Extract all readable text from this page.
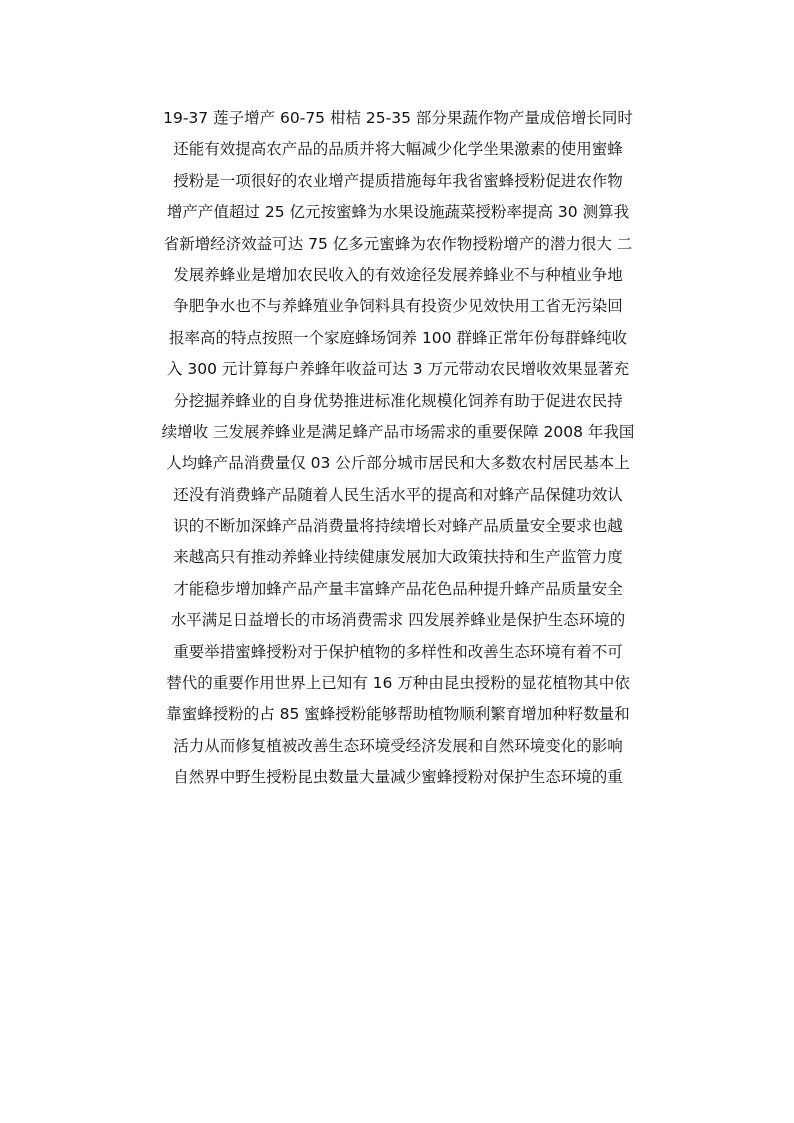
19-37 莲子增产 60-75 柑桔 25-35 部分果蔬作物产量成倍增长同时
还能有效提高农产品的品质并将大幅减少化学坐果激素的使用蜜蜂
授粉是一项很好的农业增产提质措施每年我省蜜蜂授粉促进农作物
增产产值超过 25 亿元按蜜蜂为水果设施蔬菜授粉率提高 30 测算我
省新增经济效益可达 75 亿多元蜜蜂为农作物授粉增产的潜力很大 二
发展养蜂业是增加农民收入的有效途径发展养蜂业不与种植业争地
争肥争水也不与养蜂殖业争饲料具有投资少见效快用工省无污染回
报率高的特点按照一个家庭蜂场饲养 100 群蜂正常年份每群蜂纯收
入 300 元计算每户养蜂年收益可达 3 万元带动农民增收效果显著充
分挖掘养蜂业的自身优势推进标准化规模化饲养有助于促进农民持
续增收 三发展养蜂业是满足蜂产品市场需求的重要保障 2008 年我国
人均蜂产品消费量仅 03 公斤部分城市居民和大多数农村居民基本上
还没有消费蜂产品随着人民生活水平的提高和对蜂产品保健功效认
识的不断加深蜂产品消费量将持续增长对蜂产品质量安全要求也越
来越高只有推动养蜂业持续健康发展加大政策扶持和生产监管力度
才能稳步增加蜂产品产量丰富蜂产品花色品种提升蜂产品质量安全
水平满足日益增长的市场消费需求 四发展养蜂业是保护生态环境的
重要举措蜜蜂授粉对于保护植物的多样性和改善生态环境有着不可
替代的重要作用世界上已知有 16 万种由昆虫授粉的显花植物其中依
靠蜜蜂授粉的占 85 蜜蜂授粉能够帮助植物顺利繁育增加种籽数量和
活力从而修复植被改善生态环境受经济发展和自然环境变化的影响
自然界中野生授粉昆虫数量大量减少蜜蜂授粉对保护生态环境的重
